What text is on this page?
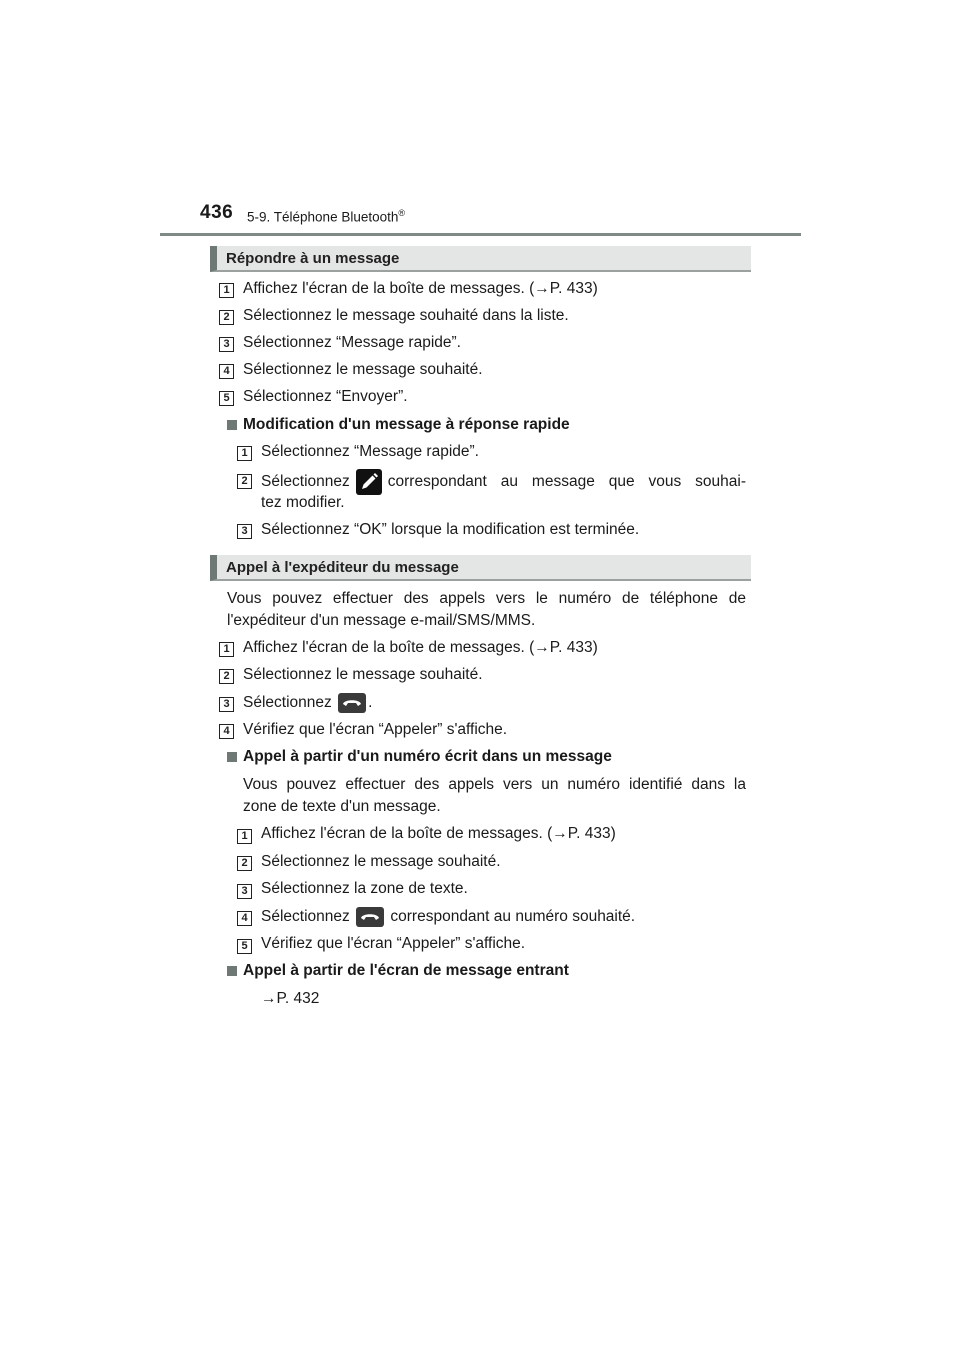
436 5-9. Téléphone Bluetooth®
Répondre à un message
1 Affichez l'écran de la boîte de messages. (→P. 433)
2 Sélectionnez le message souhaité dans la liste.
3 Sélectionnez “Message rapide”.
4 Sélectionnez le message souhaité.
5 Sélectionnez “Envoyer”.
Modification d'un message à réponse rapide
1 Sélectionnez “Message rapide”.
2 Sélectionnez correspondant au message que vous souhai-
tez modifier.
3 Sélectionnez “OK” lorsque la modification est terminée.
Appel à l'expéditeur du message
Vous pouvez effectuer des appels vers le numéro de téléphone de
l'expéditeur d'un message e-mail/SMS/MMS.
1 Affichez l'écran de la boîte de messages. (→P. 433)
2 Sélectionnez le message souhaité.
3 Sélectionnez .
4 Vérifiez que l'écran “Appeler” s'affiche.
Appel à partir d'un numéro écrit dans un message
Vous pouvez effectuer des appels vers un numéro identifié dans la
zone de texte d'un message.
1 Affichez l'écran de la boîte de messages. (→P. 433)
2 Sélectionnez le message souhaité.
3 Sélectionnez la zone de texte.
4 Sélectionnez	correspondant au numéro souhaité.
5 Vérifiez que l'écran “Appeler” s'affiche.
Appel à partir de l'écran de message entrant
→P. 432
